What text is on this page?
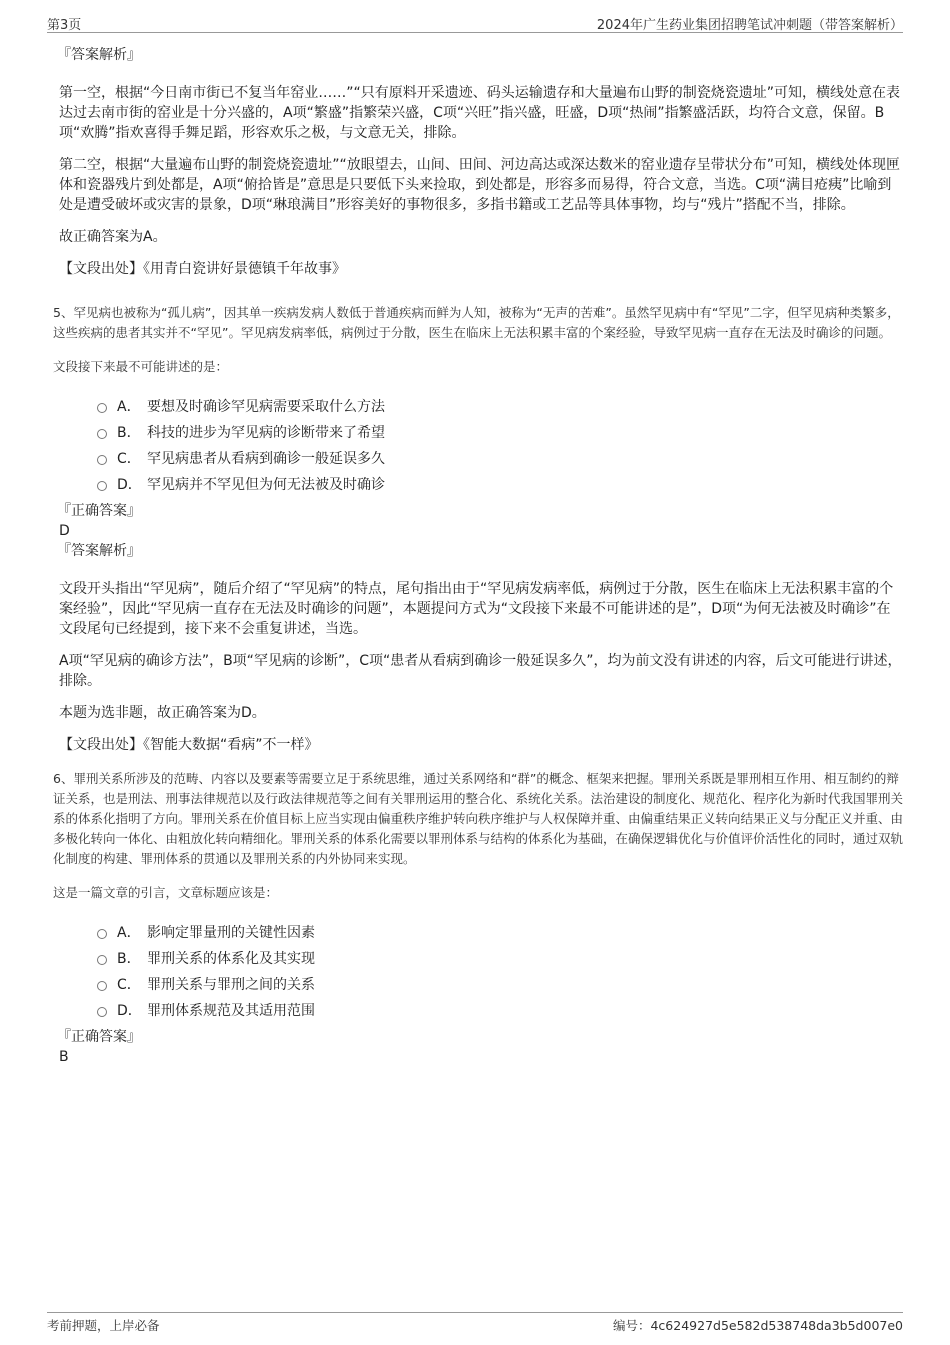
第3页	2024年广生药业集团招聘笔试冲刺题（带答案解析）
『答案解析』

第一空，根据“今日南市街已不复当年窑业……”“只有原料开采遗迹、码头运输遗存和大量遍布山野的制瓷烧瓷遗址”可知，横线处意在表达过去南市街的窑业是十分兴盛的，A项“繁盛”指繁荣兴盛，C项“兴旺”指兴盛，旺盛，D项“热闹”指繁盛活跃，均符合文意，保留。B项“欢腾”指欢喜得手舞足蹈，形容欢乐之极，与文意无关，排除。

第二空，根据“大量遍布山野的制瓷烧瓷遗址”“放眼望去，山间、田间、河边高达或深达数米的窑业遗存呈带状分布”可知，横线处体现匣体和瓷器残片到处都是，A项“俯拾皆是”意思是只要低下头来捡取，到处都是，形容多而易得，符合文意，当选。C项“满目疮痍”比喻到处是遭受破坏或灾害的景象，D项“琳琅满目”形容美好的事物很多，多指书籍或工艺品等具体事物，均与“残片”搭配不当，排除。

故正确答案为A。

【文段出处】《用青白瓷讲好景德镇千年故事》

5、罕见病也被称为“孤儿病”，因其单一疾病发病人数低于普通疾病而鲜为人知，被称为“无声的苦难”。虽然罕见病中有“罕见”二字，但罕见病种类繁多，这些疾病的患者其实并不“罕见”。罕见病发病率低，病例过于分散，医生在临床上无法积累丰富的个案经验，导致罕见病一直存在无法及时确诊的问题。

文段接下来最不可能讲述的是：

A． 要想及时确诊罕见病需要采取什么方法
B． 科技的进步为罕见病的诊断带来了希望
C． 罕见病患者从看病到确诊一般延误多久
D． 罕见病并不罕见但为何无法被及时确诊
『正确答案』
D
『答案解析』

文段开头指出“罕见病”，随后介绍了“罕见病”的特点，尾句指出由于“罕见病发病率低，病例过于分散，医生在临床上无法积累丰富的个案经验”，因此“罕见病一直存在无法及时确诊的问题”，本题提问方式为“文段接下来最不可能讲述的是”，D项“为何无法被及时确诊”在文段尾句已经提到，接下来不会重复讲述，当选。

A项“罕见病的确诊方法”，B项“罕见病的诊断”，C项“患者从看病到确诊一般延误多久”，均为前文没有讲述的内容，后文可能进行讲述，排除。

本题为选非题，故正确答案为D。

【文段出处】《智能大数据“看病”不一样》

6、罪刑关系所涉及的范畴、内容以及要素等需要立足于系统思维，通过关系网络和“群”的概念、框架来把握。罪刑关系既是罪刑相互作用、相互制约的辩证关系，也是刑法、刑事法律规范以及行政法律规范等之间有关罪刑运用的整合化、系统化关系。法治建设的制度化、规范化、程序化为新时代我国罪刑关系的体系化指明了方向。罪刑关系在价值目标上应当实现由偏重秩序维护转向秩序维护与人权保障并重、由偏重结果正义转向结果正义与分配正义并重、由多极化转向一体化、由粗放化转向精细化。罪刑关系的体系化需要以罪刑体系与结构的体系化为基础，在确保逻辑优化与价值评价活性化的同时，通过双轨化制度的构建、罪刑体系的贯通以及罪刑关系的内外协同来实现。

这是一篇文章的引言，文章标题应该是：

A． 影响定罪量刑的关键性因素
B． 罪刑关系的体系化及其实现
C． 罪刑关系与罪刑之间的关系
D． 罪刑体系规范及其适用范围
『正确答案』
B
考前押题，上岸必备	编号：4c624927d5e582d538748da3b5d007e0
